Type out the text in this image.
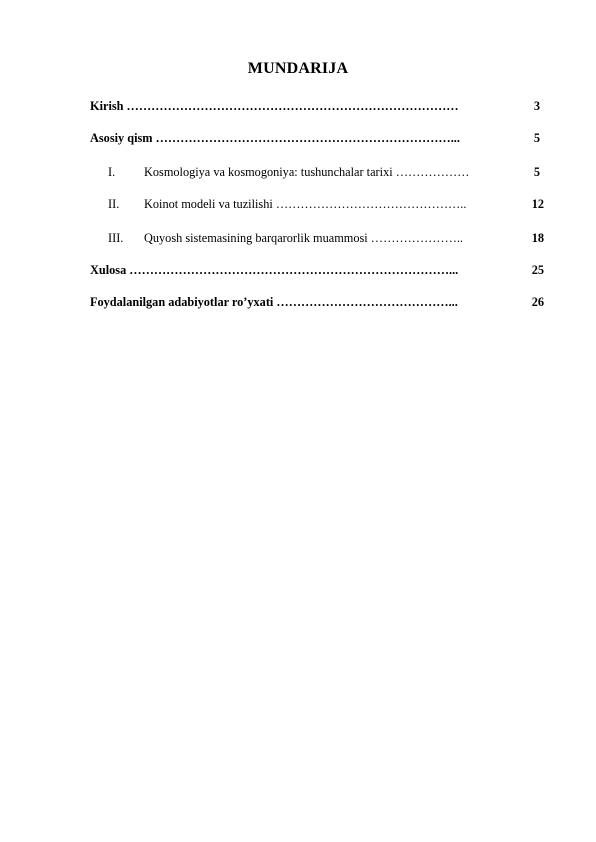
MUNDARIJA
Kirish ………………………………………………………………………	3
Asosiy qism ………………………………………………………………...	5
I.	Kosmologiya va kosmogoniya: tushunchalar tarixi ………………	5
II.	Koinot modeli va tuzilishi ………………………………………..	12
III.	Quyosh sistemasining barqarorlik muammosi …………………..	18
Xulosa ……………………………………………………………………...	25
Foydalanilgan adabiyotlar ro’yxati ……………………………………...	26
